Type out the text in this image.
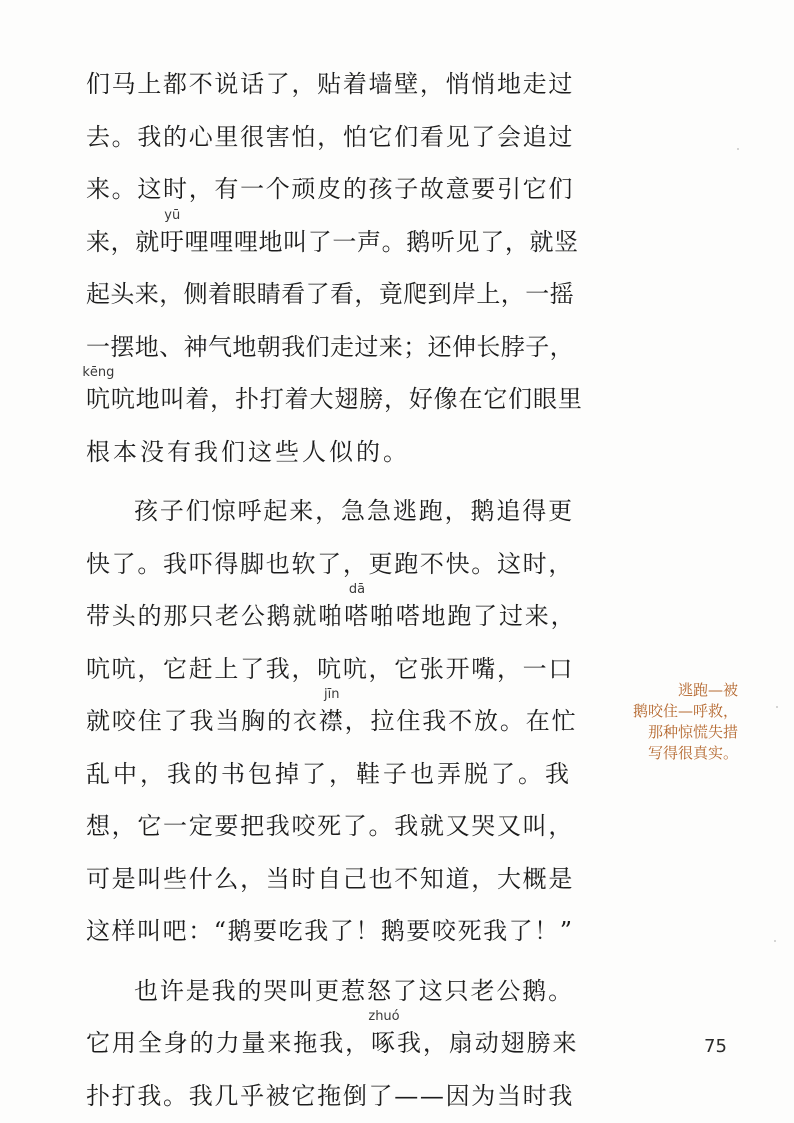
们马上都不说话了，贴着墙壁，悄悄地走过
去。我的心里很害怕，怕它们看见了会追过
来。这时，有一个顽皮的孩子故意要引它们
来，就
yū
吁哩哩哩地叫了一声。鹅听见了，就竖
起头来，侧着眼睛看了看，竟爬到岸上，一摇
一摆地、神气地朝我们走过来；还伸长脖子，
kēng
吭吭地叫着，扑打着大翅膀，好像在它们眼里
根本没有我们这些人似的。
孩子们惊呼起来，急急逃跑，鹅追得更
快了。我吓得脚也软了，更跑不快。这时，
带头的那只老公鹅就啪
dā
嗒啪嗒地跑了过来，
吭吭，它赶上了我，吭吭，它张开嘴，一口
就咬住了我当胸的衣
jīn
襟，拉住我不放。在忙
乱中，我的书包掉了，鞋子也弄脱了。我
想，它一定要把我咬死了。我就又哭又叫，
可是叫些什么，当时自己也不知道，大概是
这样叫吧：“鹅要吃我了！鹅要咬死我了！”
也许是我的哭叫更惹怒了这只老公鹅。
它用全身的力量来拖我，
zhuó
啄我，扇动翅膀来
扑打我。我几乎被它拖倒了——因为当时我
逃跑—被
鹅咬住—呼救，
那种惊慌失措
写得很真实。
75
